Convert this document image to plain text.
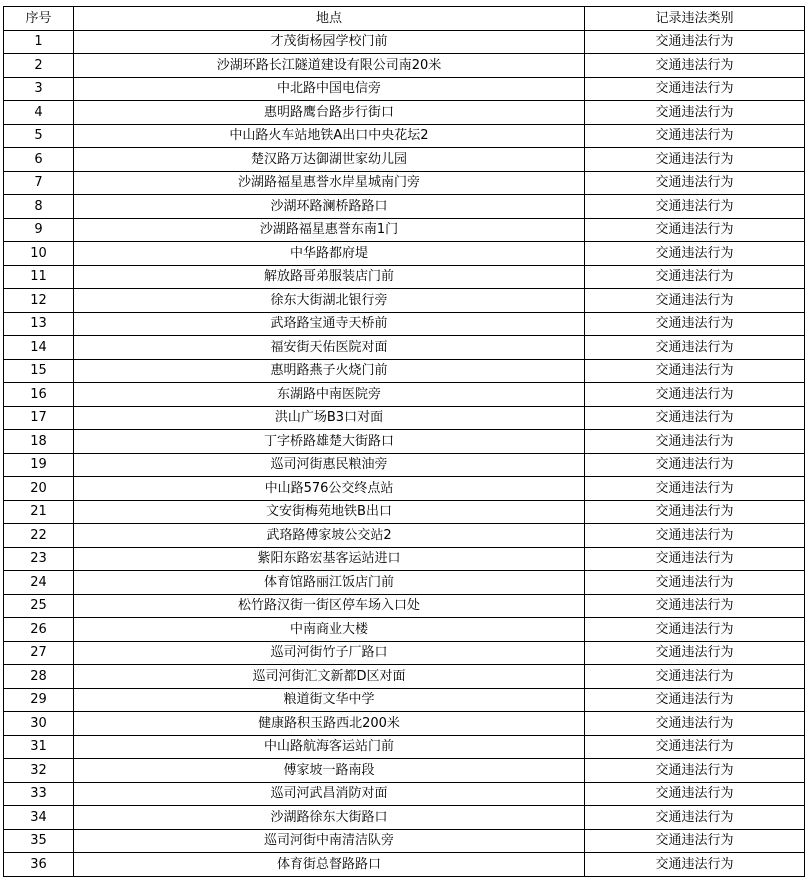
序号	地点	记录违法类别
1	才茂街杨园学校门前	交通违法行为
2	沙湖环路长江隧道建设有限公司南20米	交通违法行为
3	中北路中国电信旁	交通违法行为
4	惠明路鹰台路步行街口	交通违法行为
5	中山路火车站地铁A出口中央花坛2	交通违法行为
6	楚汉路万达御湖世家幼儿园	交通违法行为
7	沙湖路福星惠誉水岸星城南门旁	交通违法行为
8	沙湖环路澜桥路路口	交通违法行为
9	沙湖路福星惠誉东南1门	交通违法行为
10	中华路都府堤	交通违法行为
11	解放路哥弟服装店门前	交通违法行为
12	徐东大街湖北银行旁	交通违法行为
13	武珞路宝通寺天桥前	交通违法行为
14	福安街天佑医院对面	交通违法行为
15	惠明路燕子火烧门前	交通违法行为
16	东湖路中南医院旁	交通违法行为
17	洪山广场B3口对面	交通违法行为
18	丁字桥路雄楚大街路口	交通违法行为
19	巡司河街惠民粮油旁	交通违法行为
20	中山路576公交终点站	交通违法行为
21	文安街梅苑地铁B出口	交通违法行为
22	武珞路傅家坡公交站2	交通违法行为
23	紫阳东路宏基客运站进口	交通违法行为
24	体育馆路丽江饭店门前	交通违法行为
25	松竹路汉街一街区停车场入口处	交通违法行为
26	中南商业大楼	交通违法行为
27	巡司河街竹子厂路口	交通违法行为
28	巡司河街汇文新都D区对面	交通违法行为
29	粮道街文华中学	交通违法行为
30	健康路积玉路西北200米	交通违法行为
31	中山路航海客运站门前	交通违法行为
32	傅家坡一路南段	交通违法行为
33	巡司河武昌消防对面	交通违法行为
34	沙湖路徐东大街路口	交通违法行为
35	巡司河街中南清洁队旁	交通违法行为
36	体育街总督路路口	交通违法行为
